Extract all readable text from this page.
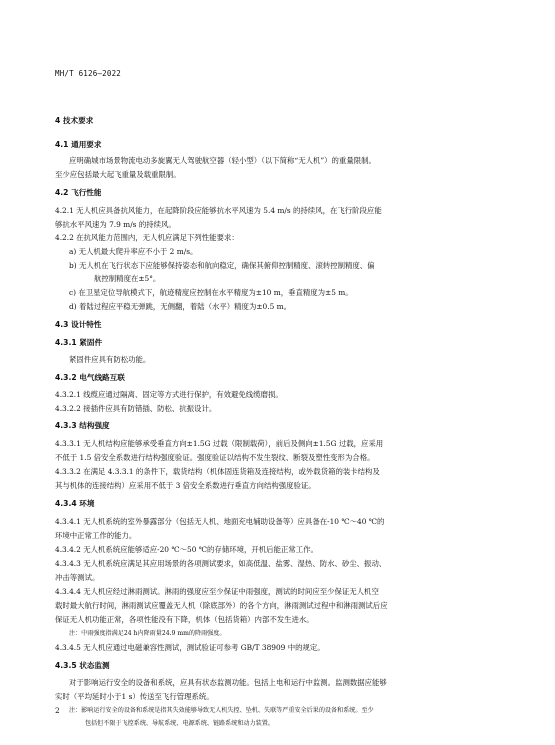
MH/T 6126—2022
4 技术要求
4.1 通用要求
应明确城市场景物流电动多旋翼无人驾驶航空器（轻小型）（以下简称“无人机”）的重量限制。
至少应包括最大起飞重量及载重限制。
4.2 飞行性能
4.2.1 无人机应具备抗风能力，在起降阶段应能够抗水平风速为 5.4 m/s 的持续风，在飞行阶段应能
够抗水平风速为 7.9 m/s 的持续风。
4.2.2 在抗风能力范围内，无人机应满足下列性能要求：
a) 无人机最大爬升率应不小于 2 m/s。
b) 无人机在飞行状态下应能够保持姿态和航向稳定，确保其俯仰控制精度、滚转控制精度、偏
航控制精度在±5°。
c) 在卫星定位导航模式下，航迹精度应控制在水平精度为±10 m，垂直精度为±5 m。
d) 着陆过程应平稳无弹跳，无侧翻，着陆（水平）精度为±0.5 m。
4.3 设计特性
4.3.1 紧固件
紧固件应具有防松功能。
4.3.2 电气线路互联
4.3.2.1 线缆应通过隔离、固定等方式进行保护，有效避免线缆磨损。
4.3.2.2 接插件应具有防错插、防松、抗振设计。
4.3.3 结构强度
4.3.3.1 无人机结构应能够承受垂直方向±1.5G 过载（限制载荷），前后及侧向±1.5G 过载，应采用
不低于 1.5 倍安全系数进行结构强度验证。强度验证以结构不发生裂纹、断裂及塑性变形为合格。
4.3.3.2 在满足 4.3.3.1 的条件下，载货结构（机体固连货箱及连接结构，或外载货箱的装卡结构及
其与机体的连接结构）应采用不低于 3 倍安全系数进行垂直方向结构强度验证。
4.3.4 环境
4.3.4.1 无人机系统的室外暴露部分（包括无人机、地面充电辅助设备等）应具备在-10 ℃～40 ℃的
环境中正常工作的能力。
4.3.4.2 无人机系统应能够适应-20 ℃～50 ℃的存储环境，开机后能正常工作。
4.3.4.3 无人机系统应满足其应用场景的各项测试要求，如高低温、盐雾、湿热、防水、砂尘、振动、
冲击等测试。
4.3.4.4 无人机应经过淋雨测试。淋雨的强度应至少保证中雨强度，测试的时间应至少保证无人机空
载时最大航行时间，淋雨测试应覆盖无人机（除底部外）的各个方向，淋雨测试过程中和淋雨测试后应
保证无人机功能正常，各项性能没有下降，机体（包括货箱）内部不发生进水。
注：中雨强度指满足24 h内降雨量24.9 mm的降雨强度。
4.3.4.5 无人机应通过电磁兼容性测试，测试验证可参考 GB/T 38909 中的规定。
4.3.5 状态监测
对于影响运行安全的设备和系统，应具有状态监测功能。包括上电和运行中监测。监测数据应能够
实时（平均延时小于1 s）传送至飞行管理系统。
注：影响运行安全的设备和系统是指其失效能够导致无人机失控、坠机、失联等严重安全后果的设备和系统。至少
包括但不限于飞控系统、导航系统、电源系统、链路系统和动力装置。
2
